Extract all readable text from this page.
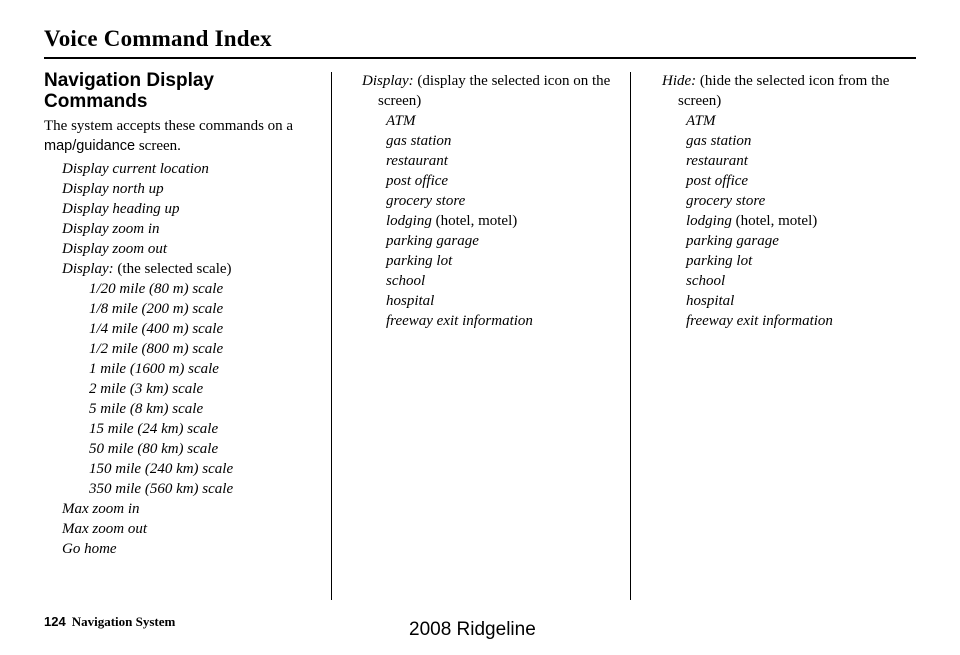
Voice Command Index
Navigation Display
Commands
The system accepts these commands on a map/guidance screen.
Display current location
Display north up
Display heading up
Display zoom in
Display zoom out
Display: (the selected scale)
1/20 mile (80 m) scale
1/8 mile (200 m) scale
1/4 mile (400 m) scale
1/2 mile (800 m) scale
1 mile (1600 m) scale
2 mile (3 km) scale
5 mile (8 km) scale
15 mile (24 km) scale
50 mile (80 km) scale
150 mile (240 km) scale
350 mile (560 km) scale
Max zoom in
Max zoom out
Go home
Display: (display the selected icon on the screen)
ATM
gas station
restaurant
post office
grocery store
lodging (hotel, motel)
parking garage
parking lot
school
hospital
freeway exit information
Hide: (hide the selected icon from the screen)
ATM
gas station
restaurant
post office
grocery store
lodging (hotel, motel)
parking garage
parking lot
school
hospital
freeway exit information
124 Navigation System	2008 Ridgeline
